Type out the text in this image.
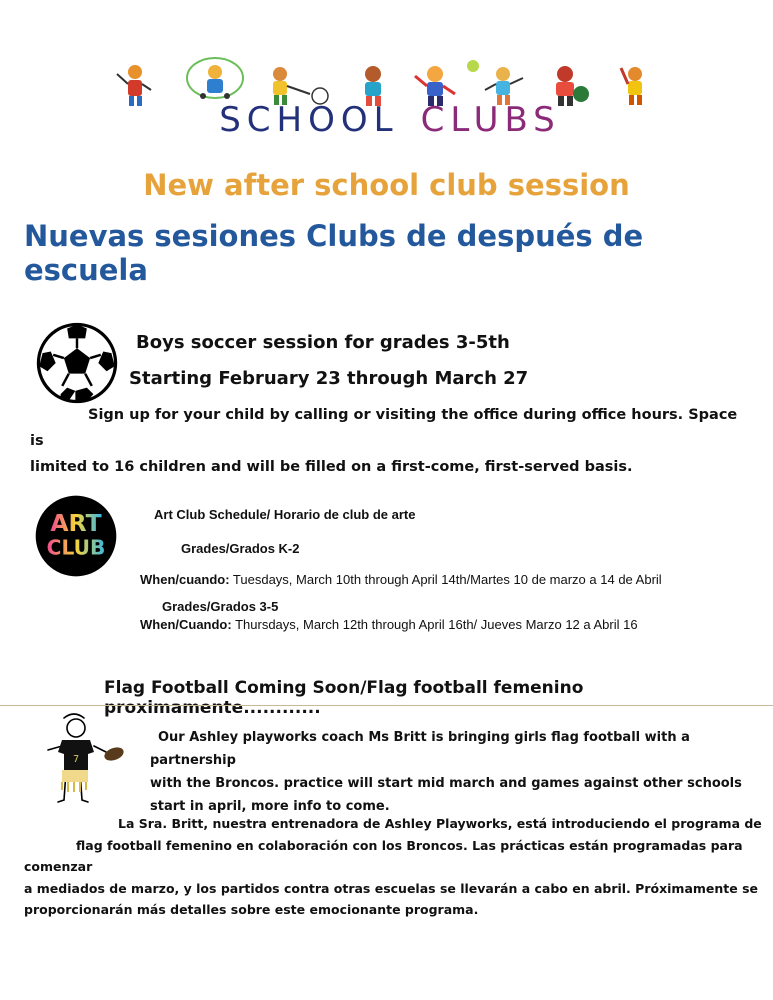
SCHOOL CLUBS
New after school club session
Nuevas sesiones Clubs de después de escuela
Boys soccer session for grades 3-5th
Starting February 23 through March 27
Sign up for your child by calling or visiting the office during office hours. Space is
limited to 16 children and will be filled on a first-come, first-served basis.
ART
CLUB
Art Club Schedule/ Horario de club de arte
Grades/Grados K-2
When/cuando: Tuesdays, March 10th through April 14th/Martes 10 de marzo a 14 de Abril
Grades/Grados 3-5
When/Cuando: Thursdays, March 12th through April 16th/ Jueves Marzo 12 a Abril 16
Flag Football Coming Soon/Flag football femenino proximamente............
7
Our Ashley playworks coach Ms Britt is bringing girls flag football with a partnership
with the Broncos. practice will start mid march and games against other schools
start in april, more info to come.
La Sra. Britt, nuestra entrenadora de Ashley Playworks, está introduciendo el programa de
flag football femenino en colaboración con los Broncos. Las prácticas están programadas para comenzar
a mediados de marzo, y los partidos contra otras escuelas se llevarán a cabo en abril. Próximamente se
proporcionarán más detalles sobre este emocionante programa.
